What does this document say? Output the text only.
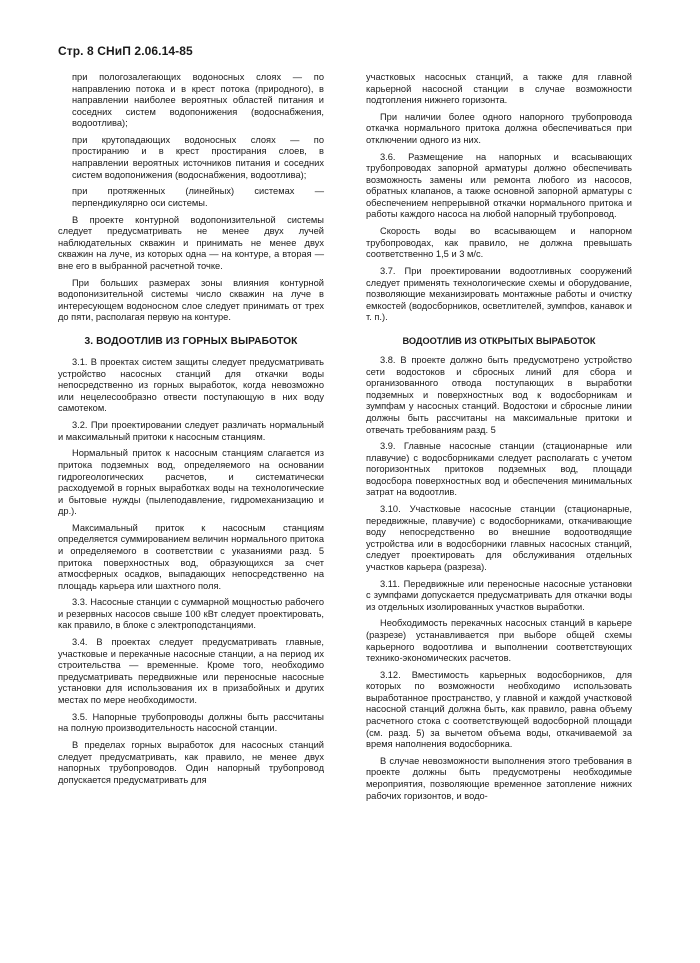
Стр. 8 СНиП 2.06.14-85

при пологозалегающих водоносных слоях — по направлению потока и в крест потока (природного), в направлении наиболее вероятных областей питания и соседних систем водопонижения (водоснабжения, водоотлива);

при крутопадающих водоносных слоях — по простиранию и в крест простирания слоев, в направлении вероятных источников питания и соседних систем водопонижения (водоснабжения, водоотлива);

при протяженных (линейных) системах — перпендикулярно оси системы.

В проекте контурной водопонизительной системы следует предусматривать не менее двух лучей наблюдательных скважин и принимать не менее двух скважин на луче, из которых одна — на контуре, а вторая — вне его в выбранной расчетной точке.

При больших размерах зоны влияния контурной водопонизительной системы число скважин на луче в интересующем водоносном слое следует принимать от трех до пяти, располагая первую на контуре.

3. ВОДООТЛИВ ИЗ ГОРНЫХ ВЫРАБОТОК

3.1. В проектах систем защиты следует предусматривать устройство насосных станций для откачки воды непосредственно из горных выработок, когда невозможно или нецелесообразно отвести поступающую в них воду самотеком.

3.2. При проектировании следует различать нормальный и максимальный притоки к насосным станциям.

Нормальный приток к насосным станциям слагается из притока подземных вод, определяемого на основании гидрогеологических расчетов, и систематически расходуемой в горных выработках воды на технологические и бытовые нужды (пылеподавление, гидромеханизацию и др.).

Максимальный приток к насосным станциям определяется суммированием величин нормального притока и определяемого в соответствии с указаниями разд. 5 притока поверхностных вод, образующихся за счет атмосферных осадков, выпадающих непосредственно на площадь карьера или шахтного поля.

3.3. Насосные станции с суммарной мощностью рабочего и резервных насосов свыше 100 кВт следует проектировать, как правило, в блоке с электроподстанциями.

3.4. В проектах следует предусматривать главные, участковые и перекачные насосные станции, а на период их строительства — временные. Кроме того, необходимо предусматривать передвижные или переносные насосные установки для использования их в призабойных и других местах по мере необходимости.

3.5. Напорные трубопроводы должны быть рассчитаны на полную производительность насосной станции.

В пределах горных выработок для насосных станций следует предусматривать, как правило, не менее двух напорных трубопроводов. Один напорный трубопровод допускается предусматривать для

участковых насосных станций, а также для главной карьерной насосной станции в случае возможности подтопления нижнего горизонта.

При наличии более одного напорного трубопровода откачка нормального притока должна обеспечиваться при отключении одного из них.

3.6. Размещение на напорных и всасывающих трубопроводах запорной арматуры должно обеспечивать возможность замены или ремонта любого из насосов, обратных клапанов, а также основной запорной арматуры с обеспечением непрерывной откачки нормального притока и работы каждого насоса на любой напорный трубопровод.

Скорость воды во всасывающем и напорном трубопроводах, как правило, не должна превышать соответственно 1,5 и 3 м/с.

3.7. При проектировании водоотливных сооружений следует применять технологические схемы и оборудование, позволяющие механизировать монтажные работы и очистку емкостей (водосборников, осветлителей, зумпфов, канавок и т. п.).

ВОДООТЛИВ ИЗ ОТКРЫТЫХ ВЫРАБОТОК

3.8. В проекте должно быть предусмотрено устройство сети водостоков и сбросных линий для сбора и организованного отвода поступающих в выработки подземных и поверхностных вод к водосборникам и зумпфам у насосных станций. Водостоки и сбросные линии должны быть рассчитаны на максимальные притоки и отвечать требованиям разд. 5

3.9. Главные насосные станции (стационарные или плавучие) с водосборниками следует располагать с учетом погоризонтных притоков подземных вод, площади водосбора поверхностных вод и обеспечения минимальных затрат на водоотлив.

3.10. Участковые насосные станции (стационарные, передвижные, плавучие) с водосборниками, откачивающие воду непосредственно во внешние водоотводящие устройства или в водосборники главных насосных станций, следует проектировать для обслуживания отдельных участков карьера (разреза).

3.11. Передвижные или переносные насосные установки с зумпфами допускается предусматривать для откачки воды из отдельных изолированных участков выработки.

Необходимость перекачных насосных станций в карьере (разрезе) устанавливается при выборе общей схемы карьерного водоотлива и выполнении соответствующих технико-экономических расчетов.

3.12. Вместимость карьерных водосборников, для которых по возможности необходимо использовать выработанное пространство, у главной и каждой участковой насосной станций должна быть, как правило, равна объему расчетного стока с соответствующей водосборной площади (см. разд. 5) за вычетом объема воды, откачиваемой за время наполнения водосборника.

В случае невозможности выполнения этого требования в проекте должны быть предусмотрены необходимые мероприятия, позволяющие временное затопление нижних рабочих горизонтов, и водо-
